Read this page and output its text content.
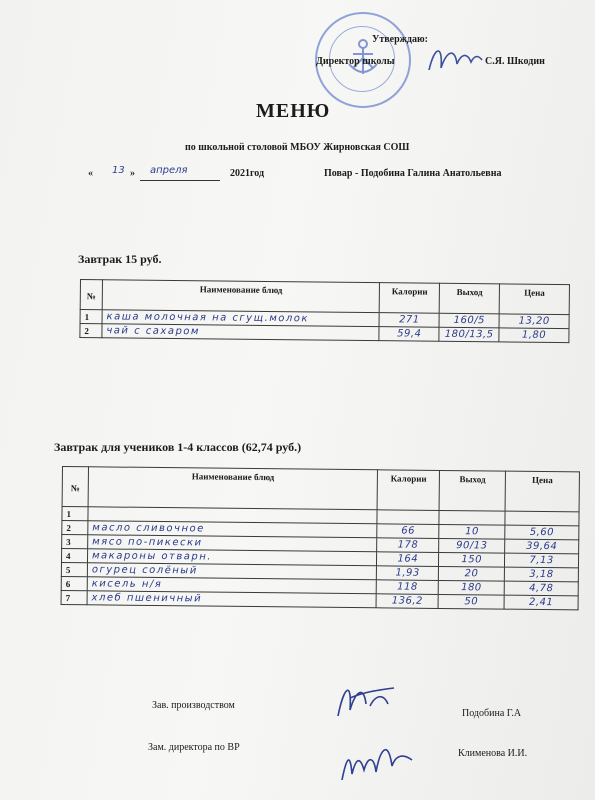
Утверждаю:
Директор школы	С.Я. Шкодин
МЕНЮ
по школьной столовой МБОУ Жирновская СОШ
« 13 » апреля	2021год	Повар - Подобина Галина Анатольевна
Завтрак 15 руб.
№	Наименование блюд	Калории	Выход	Цена
1	каша молочная на сгущ.молок	271	160/5	13,20
2	чай с сахаром	59,4	180/13,5	1,80
Завтрак для учеников 1-4 классов (62,74 руб.)
№	Наименование блюд	Калории	Выход	Цена
1				
2	масло сливочное	66	10	5,60
3	мясо по-пикески	178	90/13	39,64
4	макароны отварн.	164	150	7,13
5	огурец солёный	1,93	20	3,18
6	кисель н/я	118	180	4,78
7	хлеб пшеничный	136,2	50	2,41
Зав. производством
Подобина Г.А
Зам. директора по ВР
Клименова И.И.
